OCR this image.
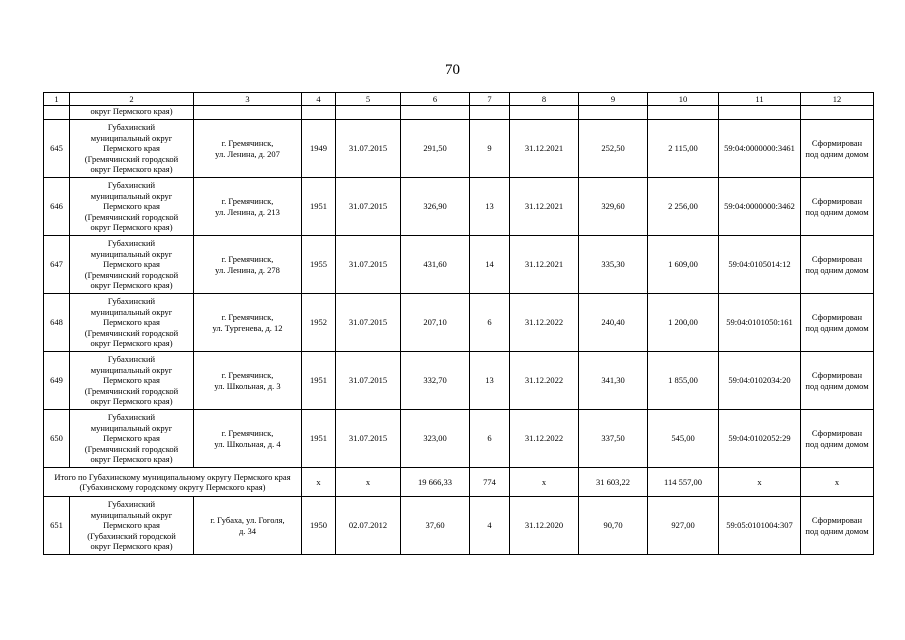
70
1	2	3	4	5	6	7	8	9	10	11	12
	округ Пермского края)										
645	Губахинский
муниципальный округ
Пермского края
(Гремячинский городской
округ Пермского края)	г. Гремячинск,
ул. Ленина, д. 207	1949	31.07.2015	291,50	9	31.12.2021	252,50	2 115,00	59:04:0000000:3461	Сформирован
под одним домом
646	Губахинский
муниципальный округ
Пермского края
(Гремячинский городской
округ Пермского края)	г. Гремячинск,
ул. Ленина, д. 213	1951	31.07.2015	326,90	13	31.12.2021	329,60	2 256,00	59:04:0000000:3462	Сформирован
под одним домом
647	Губахинский
муниципальный округ
Пермского края
(Гремячинский городской
округ Пермского края)	г. Гремячинск,
ул. Ленина, д. 278	1955	31.07.2015	431,60	14	31.12.2021	335,30	1 609,00	59:04:0105014:12	Сформирован
под одним домом
648	Губахинский
муниципальный округ
Пермского края
(Гремячинский городской
округ Пермского края)	г. Гремячинск,
ул. Тургенева, д. 12	1952	31.07.2015	207,10	6	31.12.2022	240,40	1 200,00	59:04:0101050:161	Сформирован
под одним домом
649	Губахинский
муниципальный округ
Пермского края
(Гремячинский городской
округ Пермского края)	г. Гремячинск,
ул. Школьная, д. 3	1951	31.07.2015	332,70	13	31.12.2022	341,30	1 855,00	59:04:0102034:20	Сформирован
под одним домом
650	Губахинский
муниципальный округ
Пермского края
(Гремячинский городской
округ Пермского края)	г. Гремячинск,
ул. Школьная, д. 4	1951	31.07.2015	323,00	6	31.12.2022	337,50	545,00	59:04:0102052:29	Сформирован
под одним домом
Итого по Губахинскому муниципальному округу Пермского края (Губахинскому городскому округу Пермского края)			x	x	19 666,33	774	x	31 603,22	114 557,00	x	x
651	Губахинский
муниципальный округ
Пермского края
(Губахинский городской
округ Пермского края)	г. Губаха, ул. Гоголя,
д. 34	1950	02.07.2012	37,60	4	31.12.2020	90,70	927,00	59:05:0101004:307	Сформирован
под одним домом
